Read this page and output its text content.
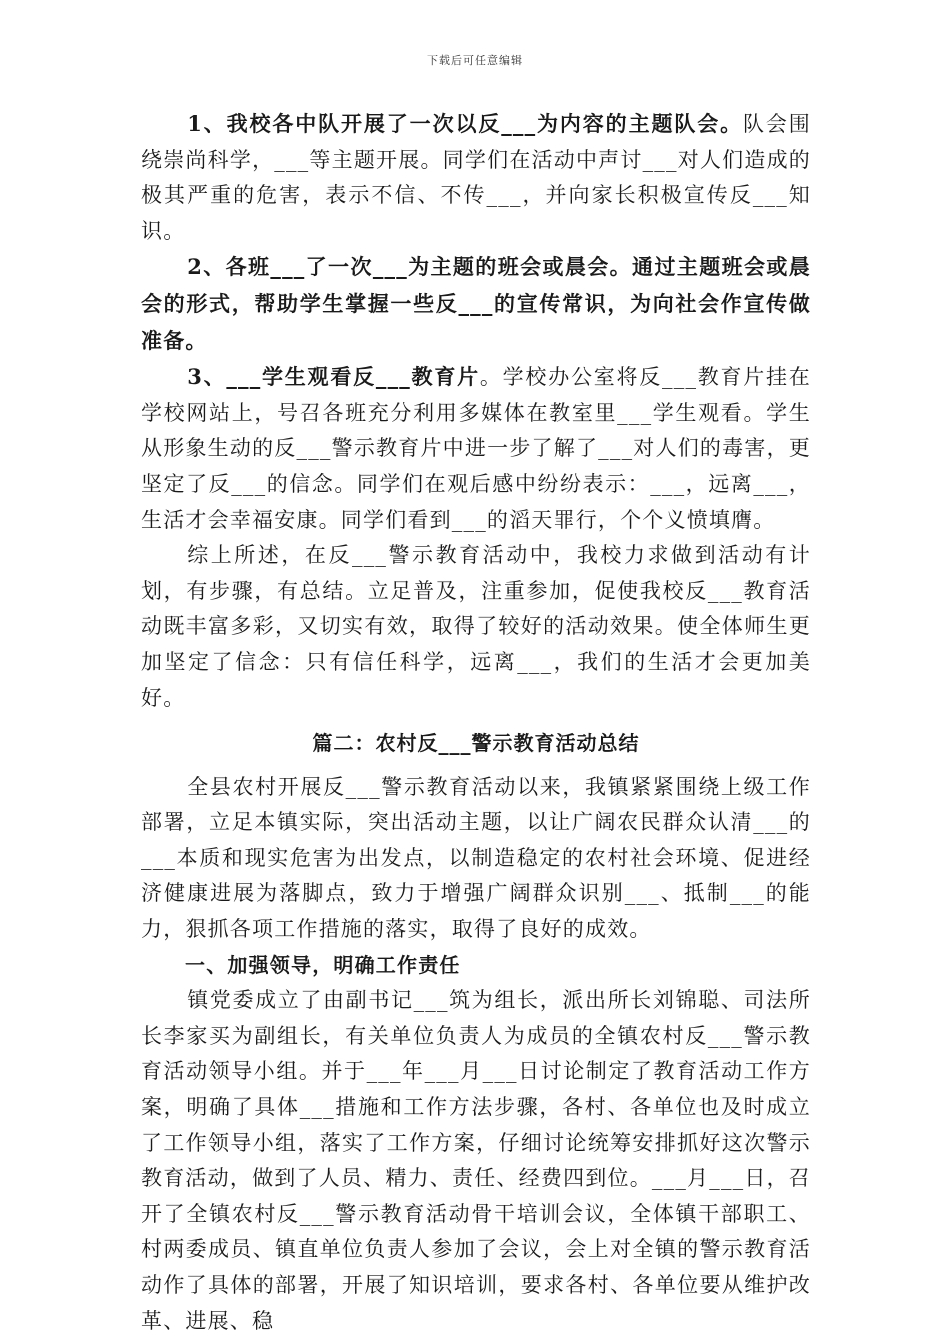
下载后可任意编辑

1、我校各中队开展了一次以反___为内容的主题队会。队会围绕崇尚科学，___等主题开展。同学们在活动中声讨___对人们造成的极其严重的危害，表示不信、不传___，并向家长积极宣传反___知识。

2、各班___了一次___为主题的班会或晨会。通过主题班会或晨会的形式，帮助学生掌握一些反___的宣传常识，为向社会作宣传做准备。

3、___学生观看反___教育片。学校办公室将反___教育片挂在学校网站上，号召各班充分利用多媒体在教室里___学生观看。学生从形象生动的反___警示教育片中进一步了解了___对人们的毒害，更坚定了反___的信念。同学们在观后感中纷纷表示：___，远离___，生活才会幸福安康。同学们看到___的滔天罪行，个个义愤填膺。

综上所述，在反___警示教育活动中，我校力求做到活动有计划，有步骤，有总结。立足普及，注重参加，促使我校反___教育活动既丰富多彩，又切实有效，取得了较好的活动效果。使全体师生更加坚定了信念：只有信任科学，远离___，我们的生活才会更加美好。

篇二：农村反___警示教育活动总结

全县农村开展反___警示教育活动以来，我镇紧紧围绕上级工作部署，立足本镇实际，突出活动主题，以让广阔农民群众认清___的___本质和现实危害为出发点，以制造稳定的农村社会环境、促进经济健康进展为落脚点，致力于增强广阔群众识别___、抵制___的能力，狠抓各项工作措施的落实，取得了良好的成效。

一、加强领导，明确工作责任

镇党委成立了由副书记___筑为组长，派出所长刘锦聪、司法所长李家买为副组长，有关单位负责人为成员的全镇农村反___警示教育活动领导小组。并于___年___月___日讨论制定了教育活动工作方案，明确了具体___措施和工作方法步骤，各村、各单位也及时成立了工作领导小组，落实了工作方案，仔细讨论统筹安排抓好这次警示教育活动，做到了人员、精力、责任、经费四到位。___月___日，召开了全镇农村反___警示教育活动骨干培训会议，全体镇干部职工、村两委成员、镇直单位负责人参加了会议，会上对全镇的警示教育活动作了具体的部署，开展了知识培训，要求各村、各单位要从维护改革、进展、稳
